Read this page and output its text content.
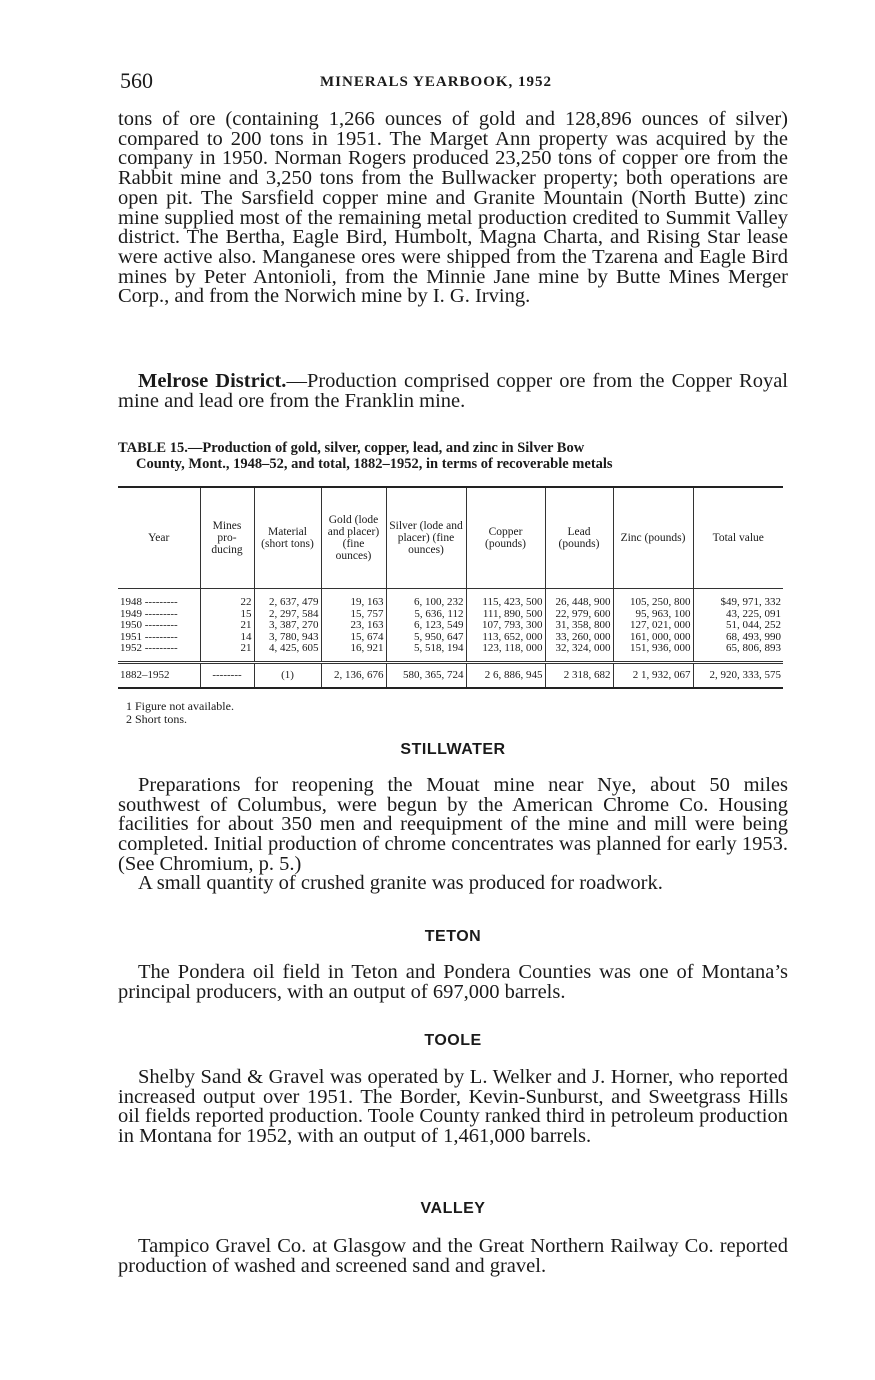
560	MINERALS YEARBOOK, 1952

tons of ore (containing 1,266 ounces of gold and 128,896 ounces of silver) compared to 200 tons in 1951. The Marget Ann property was acquired by the company in 1950. Norman Rogers produced 23,250 tons of copper ore from the Rabbit mine and 3,250 tons from the Bullwacker property; both operations are open pit. The Sarsfield copper mine and Granite Mountain (North Butte) zinc mine supplied most of the remaining metal production credited to Summit Valley district. The Bertha, Eagle Bird, Humbolt, Magna Charta, and Rising Star lease were active also. Manganese ores were shipped from the Tzarena and Eagle Bird mines by Peter Antonioli, from the Minnie Jane mine by Butte Mines Merger Corp., and from the Norwich mine by I. G. Irving.

Melrose District.—Production comprised copper ore from the Copper Royal mine and lead ore from the Franklin mine.

TABLE 15.—Production of gold, silver, copper, lead, and zinc in Silver Bow
County, Mont., 1948–52, and total, 1882–1952, in terms of recoverable metals
Year	Mines pro-ducing	Material (short tons)	Gold (lode and placer) (fine ounces)	Silver (lode and placer) (fine ounces)	Copper (pounds)	Lead (pounds)	Zinc (pounds)	Total value
1948 -----	22	2, 637, 479	19, 163	6, 100, 232	115, 423, 500	26, 448, 900	105, 250, 800	$49, 971, 332
1949 -----	15	2, 297, 584	15, 757	5, 636, 112	111, 890, 500	22, 979, 600	95, 963, 100	43, 225, 091
1950 -----	21	3, 387, 270	23, 163	6, 123, 549	107, 793, 300	31, 358, 800	127, 021, 000	51, 044, 252
1951 -----	14	3, 780, 943	15, 674	5, 950, 647	113, 652, 000	33, 260, 000	161, 000, 000	68, 493, 990
1952 -----	21	4, 425, 605	16, 921	5, 518, 194	123, 118, 000	32, 324, 000	151, 936, 000	65, 806, 893
1882–1952	--------	(1)	2, 136, 676	580, 365, 724	2 6, 886, 945	2 318, 682	2 1, 932, 067	2, 920, 333, 575
1 Figure not available.
2 Short tons.
STILLWATER

Preparations for reopening the Mouat mine near Nye, about 50 miles southwest of Columbus, were begun by the American Chrome Co. Housing facilities for about 350 men and reequipment of the mine and mill were being completed. Initial production of chrome concentrates was planned for early 1953. (See Chromium, p. 5.)

A small quantity of crushed granite was produced for roadwork.

TETON

The Pondera oil field in Teton and Pondera Counties was one of Montana’s principal producers, with an output of 697,000 barrels.

TOOLE

Shelby Sand & Gravel was operated by L. Welker and J. Horner, who reported increased output over 1951. The Border, Kevin-Sunburst, and Sweetgrass Hills oil fields reported production. Toole County ranked third in petroleum production in Montana for 1952, with an output of 1,461,000 barrels.

VALLEY

Tampico Gravel Co. at Glasgow and the Great Northern Railway Co. reported production of washed and screened sand and gravel.
